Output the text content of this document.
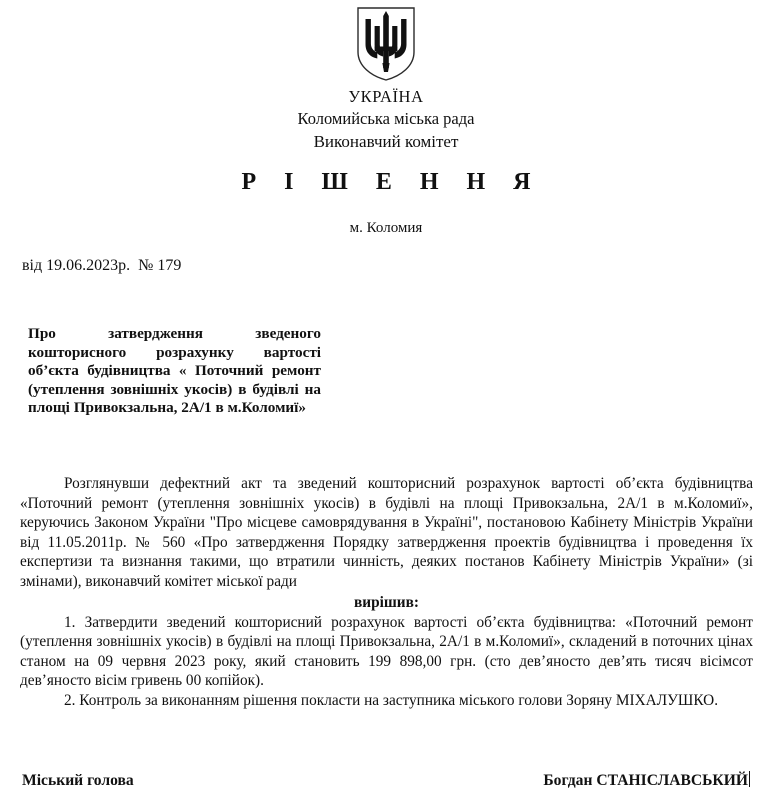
УКРАЇНА
Коломийська міська рада
Виконавчий комітет
Р І Ш Е Н Н Я
м. Коломия
від 19.06.2023р.  № 179
Про затвердження зведеного кошторисного розрахунку вартості об’єкта будівництва « Поточний ремонт (утеплення зовнішніх укосів) в будівлі на площі Привокзальна, 2А/1 в м.Коломиї»

Розглянувши дефектний акт та зведений кошторисний розрахунок вартості об’єкта будівництва «Поточний ремонт (утеплення зовнішніх укосів) в будівлі на площі Привокзальна, 2А/1 в м.Коломиї», керуючись Законом України "Про місцеве самоврядування в Україні", постановою Кабінету Міністрів України від 11.05.2011р. № 560 «Про затвердження Порядку затвердження проектів будівництва і проведення їх експертизи та визнання такими, що втратили чинність, деяких постанов Кабінету Міністрів України» (зі змінами), виконавчий комітет міської ради

вирішив:

1. Затвердити зведений кошторисний розрахунок вартості об’єкта будівництва: «Поточний ремонт (утеплення зовнішніх укосів) в будівлі на площі Привокзальна, 2А/1 в м.Коломиї», складений в поточних цінах станом на 09 червня 2023 року, який становить 199 898,00 грн. (сто дев’яносто дев’ять тисяч вісімсот дев’яносто вісім гривень 00 копійок).

2. Контроль за виконанням рішення покласти на заступника міського голови Зоряну МІХАЛУШКО.

Міський голова	Богдан СТАНІСЛАВСЬКИЙ
